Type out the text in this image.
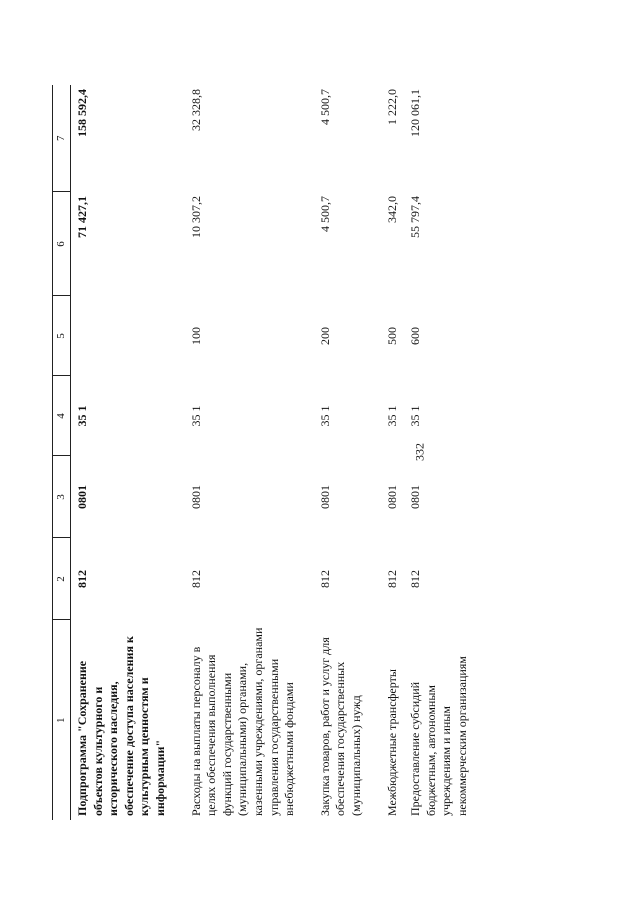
332
1	2	3	4	5	6	7
Подпрограмма "Сохранение объектов культурного и исторического наследия, обеспечение доступа населения к культурным ценностям и информации"	812	0801	35 1		71 427,1	158 592,4
Расходы на выплаты персоналу в целях обеспечения выполнения функций государственными (муниципальными) органами, казенными учреждениями, органами управления государственными внебюджетными фондами	812	0801	35 1	100	10 307,2	32 328,8
Закупка товаров, работ и услуг для обеспечения государственных (муниципальных) нужд	812	0801	35 1	200	4 500,7	4 500,7
Межбюджетные трансферты	812	0801	35 1	500	342,0	1 222,0
Предоставление субсидий бюджетным, автономным учреждениям и иным некоммерческим организациям	812	0801	35 1	600	55 797,4	120 061,1
